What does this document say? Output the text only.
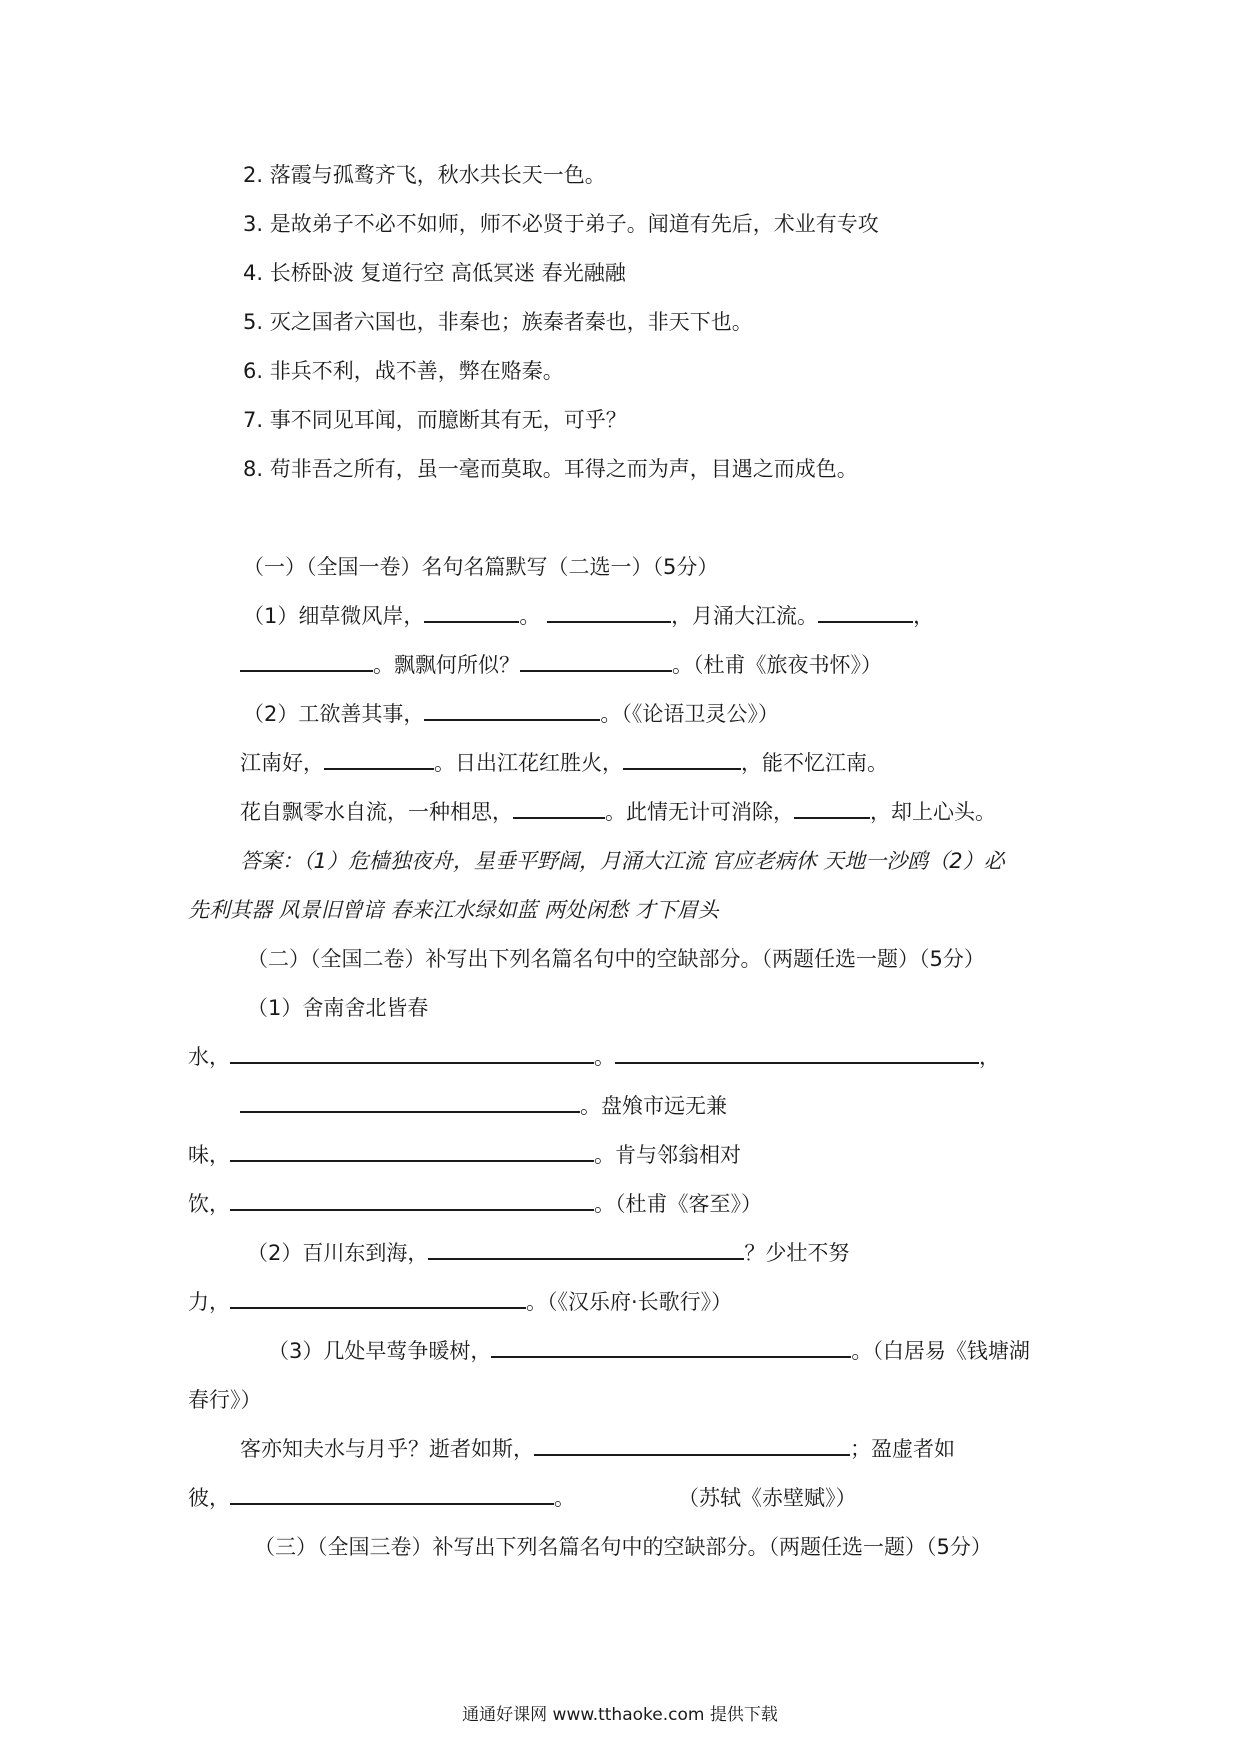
2. 落霞与孤鹜齐飞，秋水共长天一色。
3. 是故弟子不必不如师，师不必贤于弟子。闻道有先后，术业有专攻
4. 长桥卧波 复道行空 高低冥迷 春光融融
5. 灭之国者六国也，非秦也；族秦者秦也，非天下也。
6. 非兵不利，战不善，弊在赂秦。
7. 事不同见耳闻，而臆断其有无，可乎？
8. 苟非吾之所有，虽一毫而莫取。耳得之而为声，目遇之而成色。
（一）（全国一卷）名句名篇默写（二选一）（5分）
（1）细草微风岸，	。	，月涌大江流。	，
。飘飘何所似？	。（杜甫《旅夜书怀》）
（2）工欲善其事，	。（《论语卫灵公》）
江南好，	。日出江花红胜火，	，能不忆江南。
花自飘零水自流，一种相思，	。此情无计可消除，	，却上心头。
答案：（1）危樯独夜舟，星垂平野阔，月涌大江流 官应老病休 天地一沙鸥（2）必
先利其器 风景旧曾谙 春来江水绿如蓝 两处闲愁 才下眉头
（二）（全国二卷）补写出下列名篇名句中的空缺部分。（两题任选一题）（5分）
（1）舍南舍北皆春
水，	。	，
。盘飧市远无兼
味，	。肯与邻翁相对
饮，	。（杜甫《客至》）
（2）百川东到海，	？少壮不努
力，	。（《汉乐府·长歌行》）
（3）几处早莺争暖树，	。（白居易《钱塘湖
春行》）
客亦知夫水与月乎？逝者如斯，	；盈虚者如
彼，	。	（苏轼《赤壁赋》）
（三）（全国三卷）补写出下列名篇名句中的空缺部分。（两题任选一题）（5分）
通通好课网 www.tthaoke.com 提供下载
